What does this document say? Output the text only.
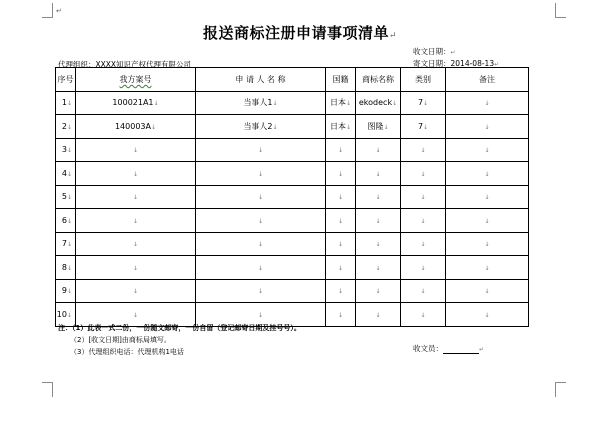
↵
报送商标注册申请事项清单↵
代理组织：XXXX知识产权代理有限公司
收文日期：↵
寄文日期：2014-08-13↵
序号	我方案号	申 请 人 名 称	国籍	商标名称	类别	备注
1↓	100021A1↓	当事人1↓	日本↓	ekodeck↓	7↓	↓
2↓	140003A↓	当事人2↓	日本↓	图隆↓	7↓	↓
3↓	↓	↓	↓	↓	↓	↓
4↓	↓	↓	↓	↓	↓	↓
5↓	↓	↓	↓	↓	↓	↓
6↓	↓	↓	↓	↓	↓	↓
7↓	↓	↓	↓	↓	↓	↓
8↓	↓	↓	↓	↓	↓	↓
9↓	↓	↓	↓	↓	↓	↓
10↓	↓	↓	↓	↓	↓	↓
注：（1）此表一式二份，一份随文邮寄，一份自留（登记邮寄日期及挂号号）。
（2）[收文日期]由商标局填写。
（3）代理组织电话：代理机构1电话	收文员：	↵
